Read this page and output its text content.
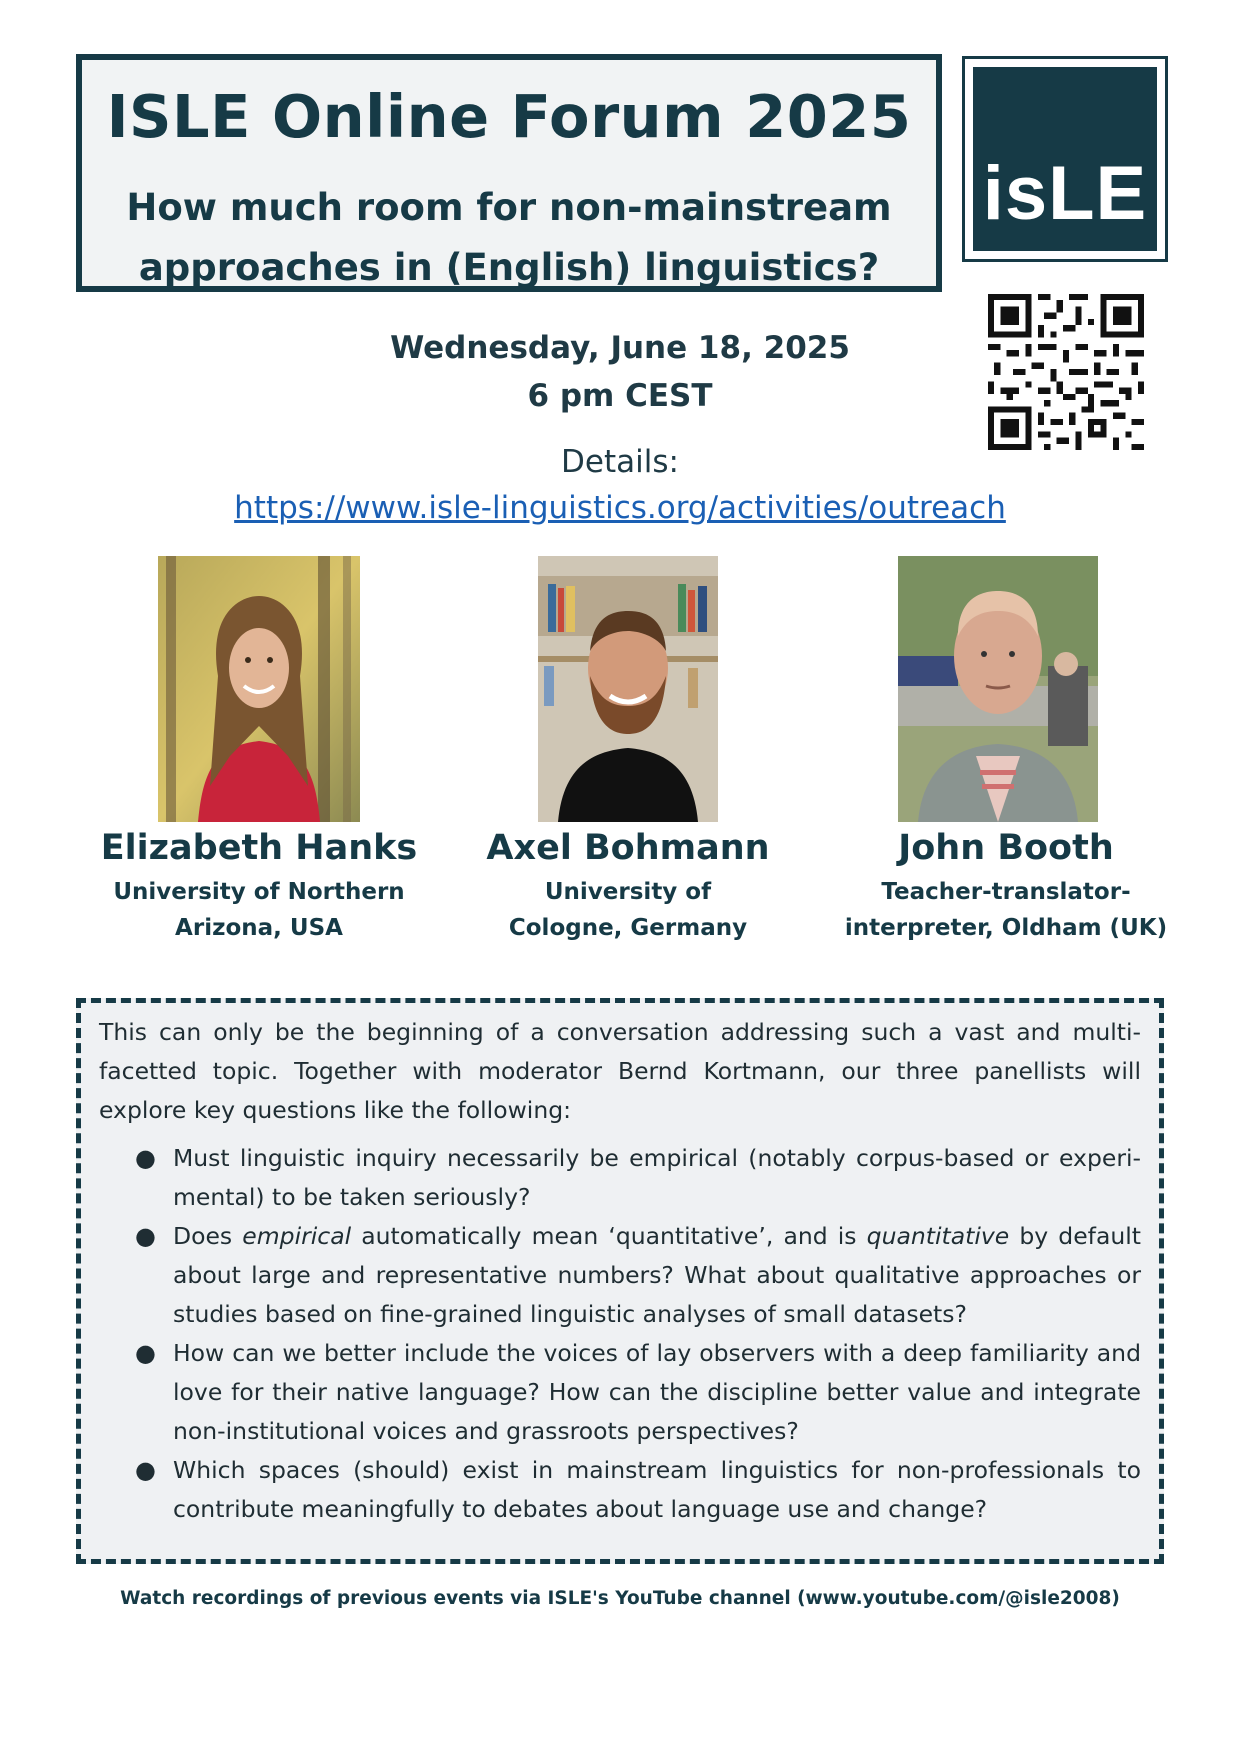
ISLE Online Forum 2025
How much room for non-mainstream
approaches in (English) linguistics?
isLE
Wednesday, June 18, 2025
6 pm CEST
Details:
https://www.isle-linguistics.org/activities/outreach
Elizabeth Hanks
University of Northern
Arizona, USA
Axel Bohmann
University of
Cologne, Germany
John Booth
Teacher-translator-
interpreter, Oldham (UK)
This can only be the beginning of a conversation addressing such a vast and multi-facetted topic. Together with moderator Bernd Kortmann, our three panellists will explore key questions like the following:
● Must linguistic inquiry necessarily be empirical (notably corpus-based or experi-mental) to be taken seriously?
● Does empirical automatically mean ‘quantitative’, and is quantitative by default about large and representative numbers? What about qualitative approaches or studies based on fine-grained linguistic analyses of small datasets?
● How can we better include the voices of lay observers with a deep familiarity and love for their native language? How can the discipline better value and integrate non-institutional voices and grassroots perspectives?
● Which spaces (should) exist in mainstream linguistics for non-professionals to contribute meaningfully to debates about language use and change?
Watch recordings of previous events via ISLE's YouTube channel (www.youtube.com/@isle2008)
